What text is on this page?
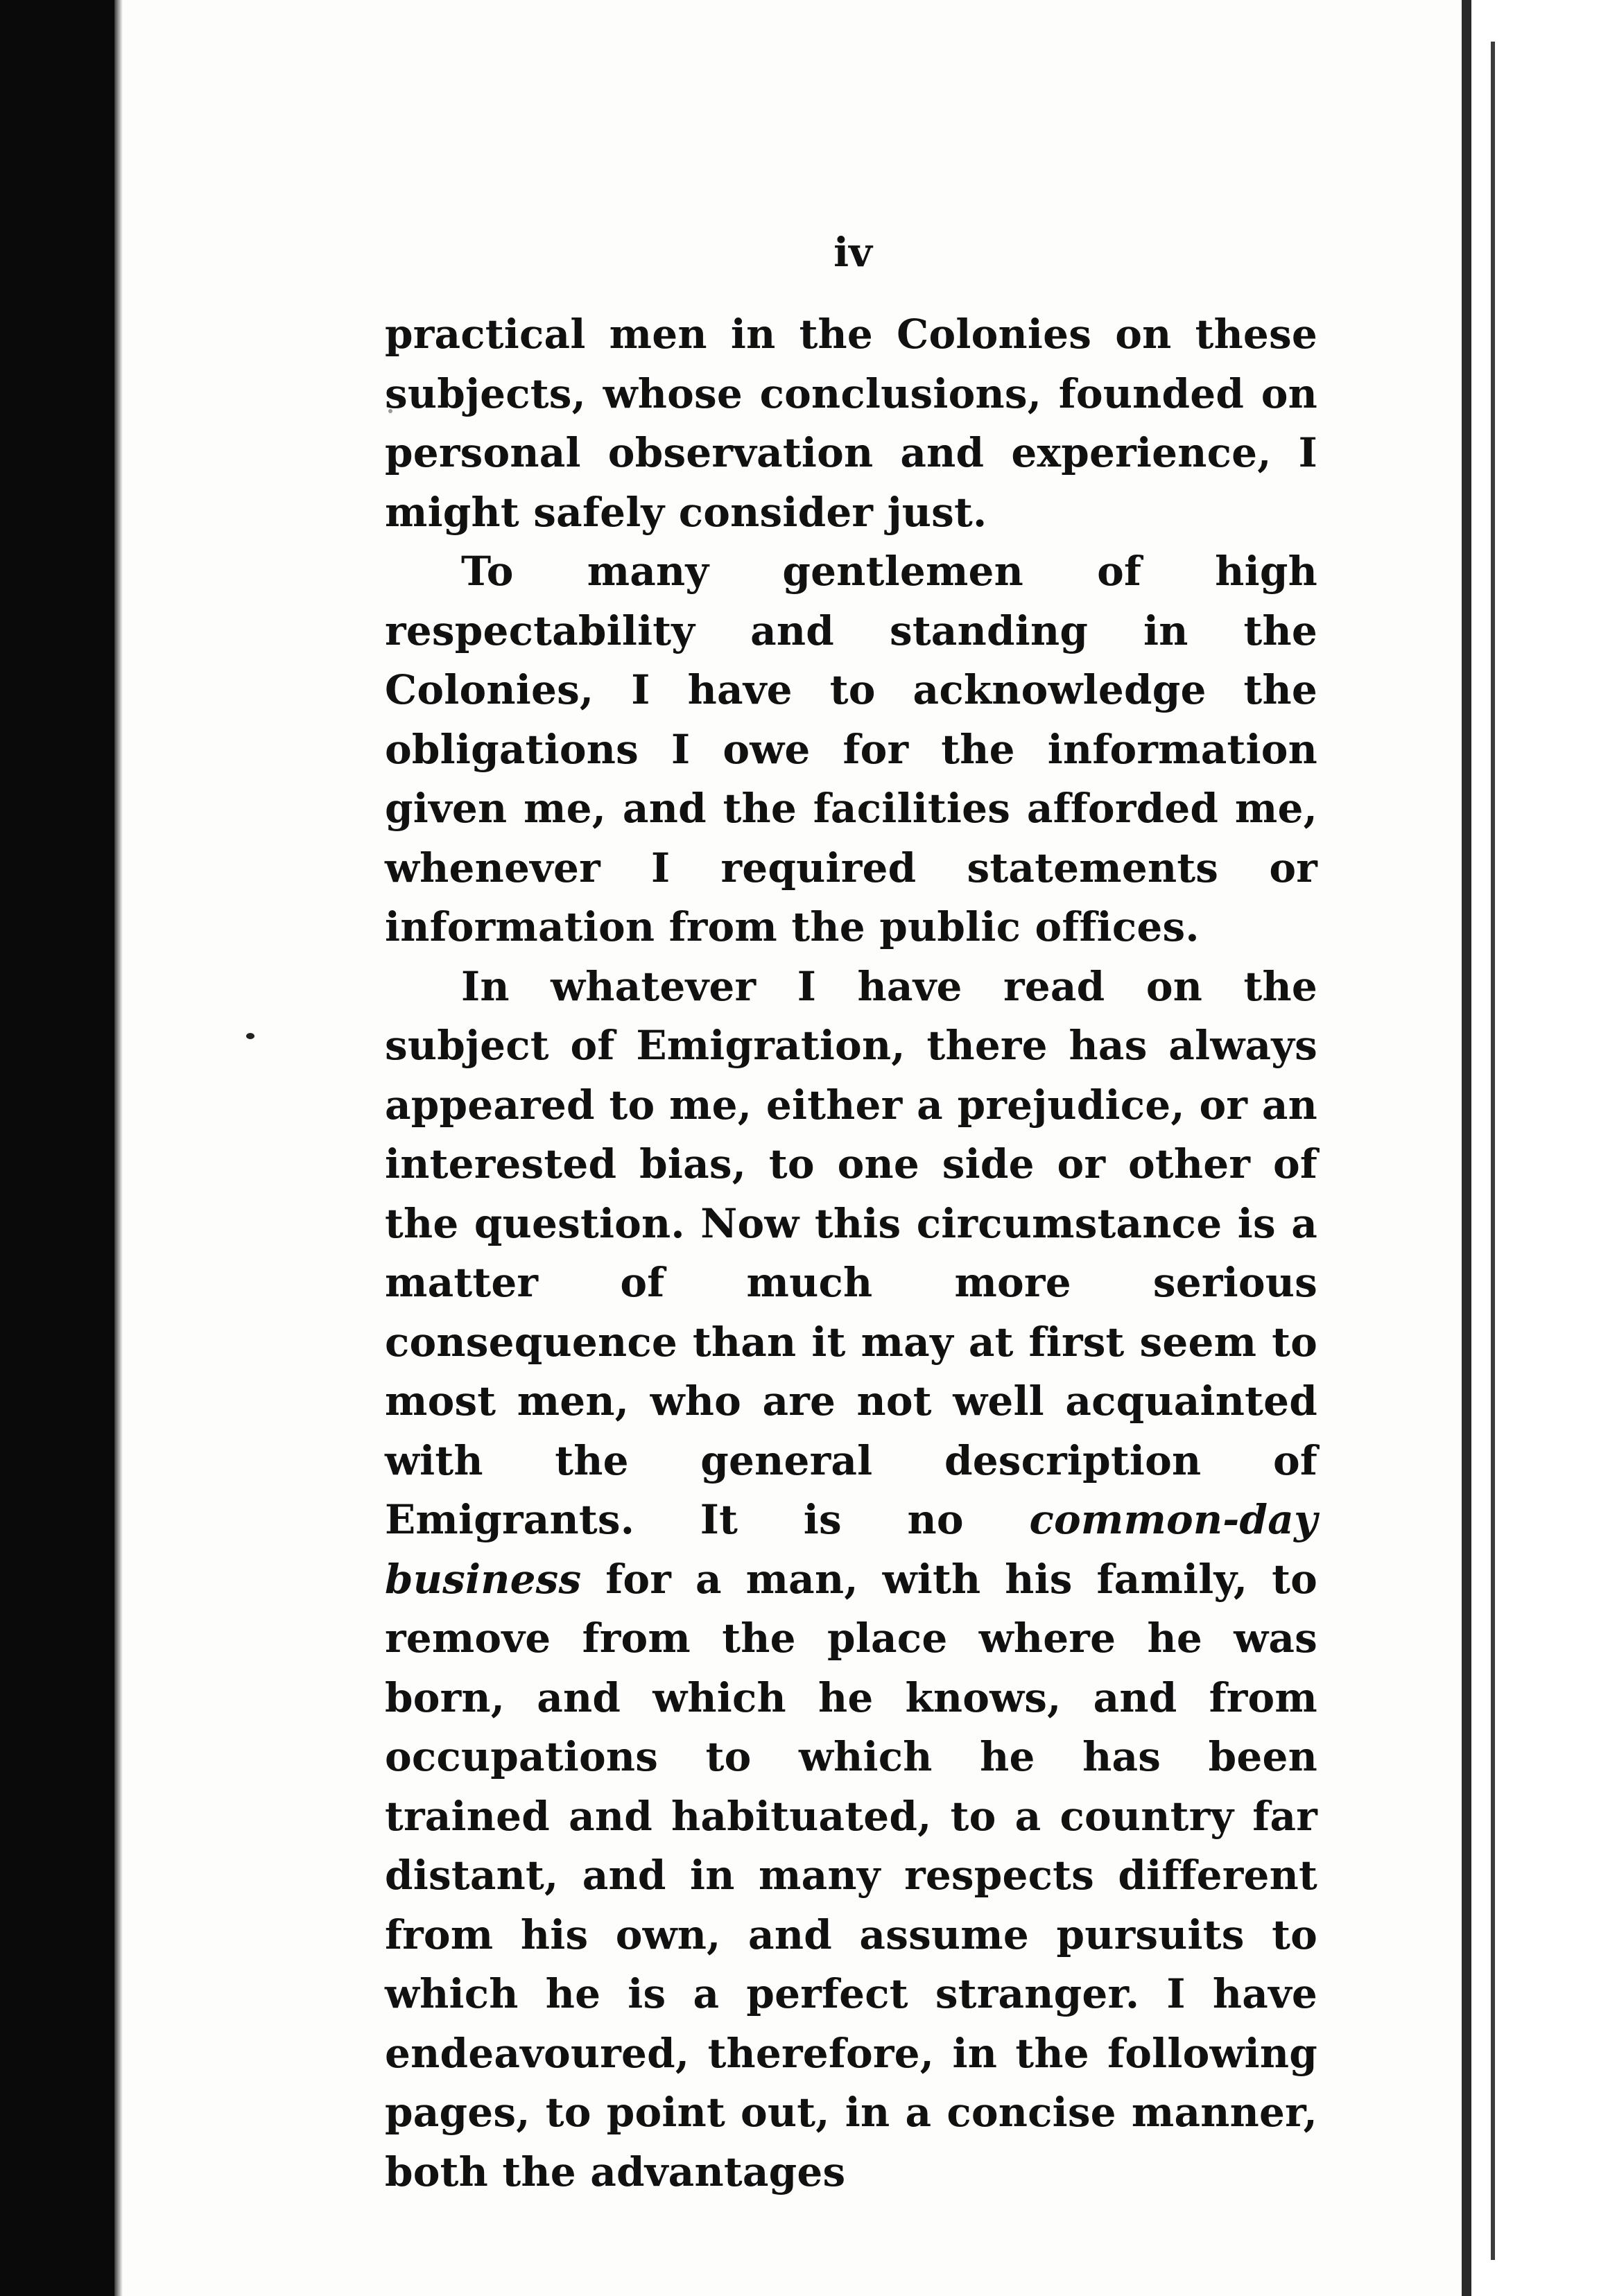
iv

practical men in the Colonies on these subjects, whose conclusions, founded on personal observation and experience, I might safely consider just.

To many gentlemen of high respectability and standing in the Colonies, I have to acknowledge the obligations I owe for the information given me, and the facilities afforded me, whenever I required statements or information from the public offices.

In whatever I have read on the subject of Emigration, there has always appeared to me, either a prejudice, or an interested bias, to one side or other of the question. Now this circumstance is a matter of much more serious consequence than it may at first seem to most men, who are not well acquainted with the general description of Emigrants. It is no common-day business for a man, with his family, to remove from the place where he was born, and which he knows, and from occupations to which he has been trained and habituated, to a country far distant, and in many respects different from his own, and assume pursuits to which he is a perfect stranger. I have endeavoured, therefore, in the following pages, to point out, in a concise manner, both the advantages
